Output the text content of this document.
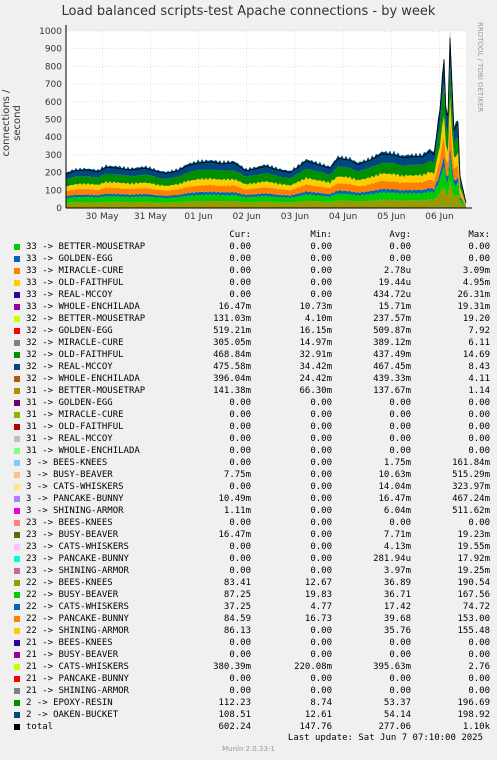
Load balanced scripts-test Apache connections - by week
connections / second
RRDTOOL / TOBI OETIKER
0
100
200
300
400
500
600
700
800
900
1000
30 May 31 May 01 Jun 02 Jun 03 Jun 04 Jun 05 Jun 06 Jun
Cur:	Min:	Avg:	Max:
33 -> BETTER-MOUSETRAP	0.00	0.00	0.00	0.00
33 -> GOLDEN-EGG	0.00	0.00	0.00	0.00
33 -> MIRACLE-CURE	0.00	0.00	2.78u	3.09m
33 -> OLD-FAITHFUL	0.00	0.00	19.44u	4.95m
33 -> REAL-MCCOY	0.00	0.00	434.72u	26.31m
33 -> WHOLE-ENCHILADA	16.47m	10.73m	15.71m	19.31m
32 -> BETTER-MOUSETRAP	131.03m	4.10m	237.57m	19.20
32 -> GOLDEN-EGG	519.21m	16.15m	509.87m	7.92
32 -> MIRACLE-CURE	305.05m	14.97m	389.12m	6.11
32 -> OLD-FAITHFUL	468.84m	32.91m	437.49m	14.69
32 -> REAL-MCCOY	475.58m	34.42m	467.45m	8.43
32 -> WHOLE-ENCHILADA	396.04m	24.42m	439.33m	4.11
31 -> BETTER-MOUSETRAP	141.38m	66.30m	137.67m	1.14
31 -> GOLDEN-EGG	0.00	0.00	0.00	0.00
31 -> MIRACLE-CURE	0.00	0.00	0.00	0.00
31 -> OLD-FAITHFUL	0.00	0.00	0.00	0.00
31 -> REAL-MCCOY	0.00	0.00	0.00	0.00
31 -> WHOLE-ENCHILADA	0.00	0.00	0.00	0.00
3 -> BEES-KNEES	0.00	0.00	1.75m	161.84m
3 -> BUSY-BEAVER	7.75m	0.00	10.63m	515.29m
3 -> CATS-WHISKERS	0.00	0.00	14.04m	323.97m
3 -> PANCAKE-BUNNY	10.49m	0.00	16.47m	467.24m
3 -> SHINING-ARMOR	1.11m	0.00	6.04m	511.62m
23 -> BEES-KNEES	0.00	0.00	0.00	0.00
23 -> BUSY-BEAVER	16.47m	0.00	7.71m	19.23m
23 -> CATS-WHISKERS	0.00	0.00	4.13m	19.55m
23 -> PANCAKE-BUNNY	0.00	0.00	281.94u	17.92m
23 -> SHINING-ARMOR	0.00	0.00	3.97m	19.25m
22 -> BEES-KNEES	83.41	12.67	36.89	190.54
22 -> BUSY-BEAVER	87.25	19.83	36.71	167.56
22 -> CATS-WHISKERS	37.25	4.77	17.42	74.72
22 -> PANCAKE-BUNNY	84.59	16.73	39.68	153.00
22 -> SHINING-ARMOR	86.13	0.00	35.76	155.48
21 -> BEES-KNEES	0.00	0.00	0.00	0.00
21 -> BUSY-BEAVER	0.00	0.00	0.00	0.00
21 -> CATS-WHISKERS	380.39m	220.08m	395.63m	2.76
21 -> PANCAKE-BUNNY	0.00	0.00	0.00	0.00
21 -> SHINING-ARMOR	0.00	0.00	0.00	0.00
2 -> EPOXY-RESIN	112.23	8.74	53.37	196.69
2 -> OAKEN-BUCKET	108.51	12.61	54.14	198.92
total	602.24	147.76	277.06	1.10k
Last update: Sat Jun 7 07:10:00 2025
Munin 2.0.33-1
